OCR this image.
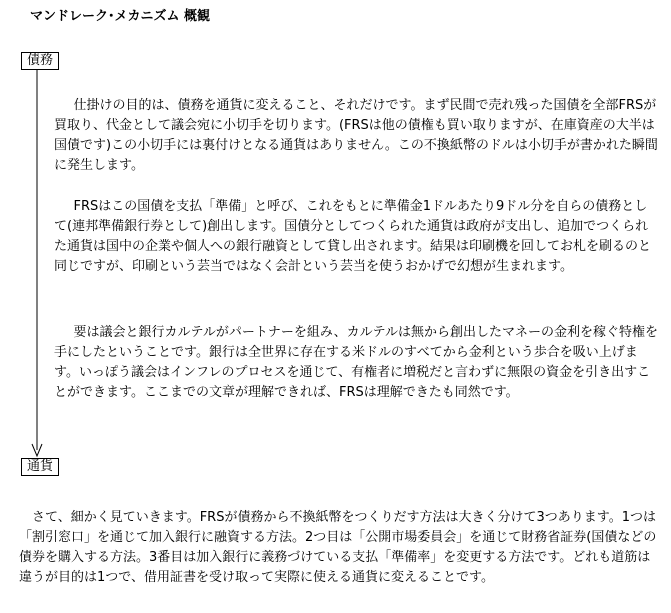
マンドレーク･メカニズム 概観
債務
通貨

仕掛けの目的は、債務を通貨に変えること、それだけです。まず民間で売れ残った国債を全部FRSが買取り、代金として議会宛に小切手を切ります。(FRSは他の債権も買い取りますが、在庫資産の大半は国債です)この小切手には裏付けとなる通貨はありません。この不換紙幣のドルは小切手が書かれた瞬間に発生します。

FRSはこの国債を支払「準備」と呼び、これをもとに準備金1ドルあたり9ドル分を自らの債務として(連邦準備銀行券として)創出します。国債分としてつくられた通貨は政府が支出し、追加でつくられた通貨は国中の企業や個人への銀行融資として貸し出されます。結果は印刷機を回してお札を刷るのと同じですが、印刷という芸当ではなく会計という芸当を使うおかげで幻想が生まれます。

要は議会と銀行カルテルがパートナーを組み、カルテルは無から創出したマネーの金利を稼ぐ特権を手にしたということです。銀行は全世界に存在する米ドルのすべてから金利という歩合を吸い上げます。いっぽう議会はインフレのプロセスを通じて、有権者に増税だと言わずに無限の資金を引き出すことができます。ここまでの文章が理解できれば、FRSは理解できたも同然です。

さて、細かく見ていきます。FRSが債務から不換紙幣をつくりだす方法は大きく分けて3つあります。1つは「割引窓口」を通じて加入銀行に融資する方法。2つ目は「公開市場委員会」を通じて財務省証券(国債などの債券を購入する方法。3番目は加入銀行に義務づけている支払「準備率」を変更する方法です。どれも道筋は違うが目的は1つで、借用証書を受け取って実際に使える通貨に変えることです。
